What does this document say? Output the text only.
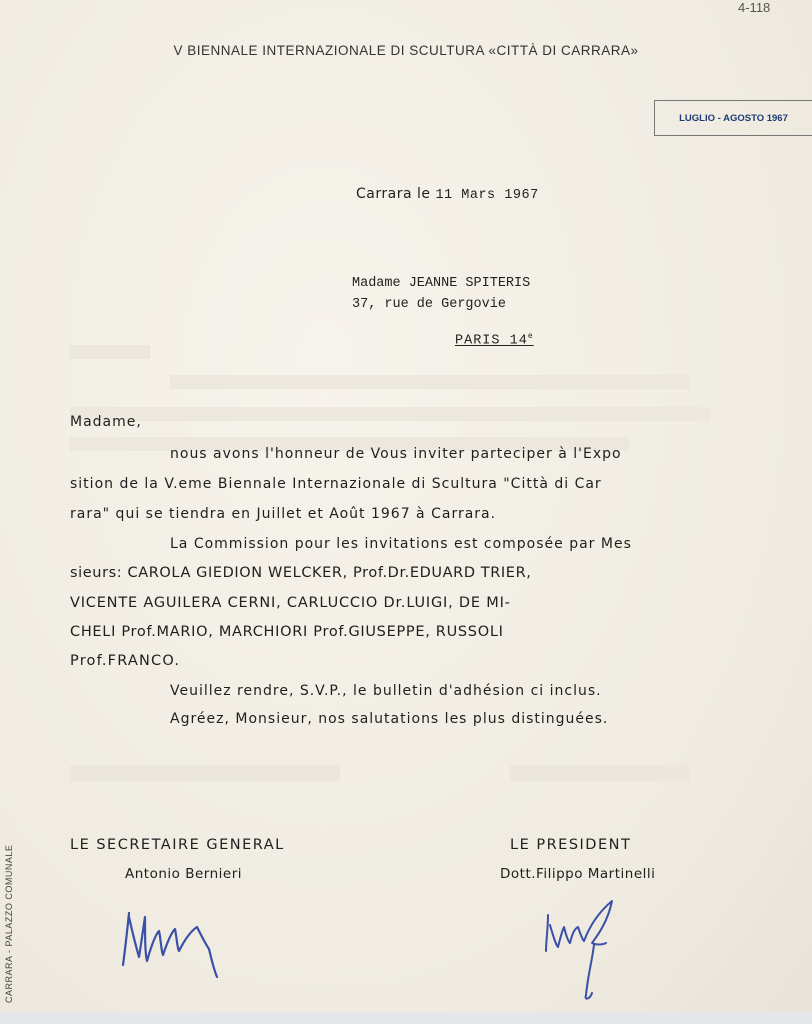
4-118
V BIENNALE INTERNAZIONALE DI SCULTURA «CITTÀ DI CARRARA»
LUGLIO - AGOSTO 1967
Carrara le 11 Mars 1967
Madame JEANNE SPITERIS
37, rue de Gergovie
PARIS 14e
Madame,
nous avons l'honneur de Vous inviter parteciper à l'Expo
sition de la V.eme Biennale Internazionale di Scultura "Città di Car
rara" qui se tiendra en Juillet et Août 1967 à Carrara.
La Commission pour les invitations est composée par Mes
sieurs: CAROLA GIEDION WELCKER, Prof.Dr.EDUARD TRIER,
VICENTE AGUILERA CERNI, CARLUCCIO Dr.LUIGI, DE MI-
CHELI Prof.MARIO, MARCHIORI Prof.GIUSEPPE, RUSSOLI
Prof.FRANCO.
Veuillez rendre, S.V.P., le bulletin d'adhésion ci inclus.
Agréez, Monsieur, nos salutations les plus distinguées.
LE SECRETAIRE GENERAL
Antonio Bernieri
LE PRESIDENT
Dott.Filippo Martinelli
CARRARA - PALAZZO COMUNALE
